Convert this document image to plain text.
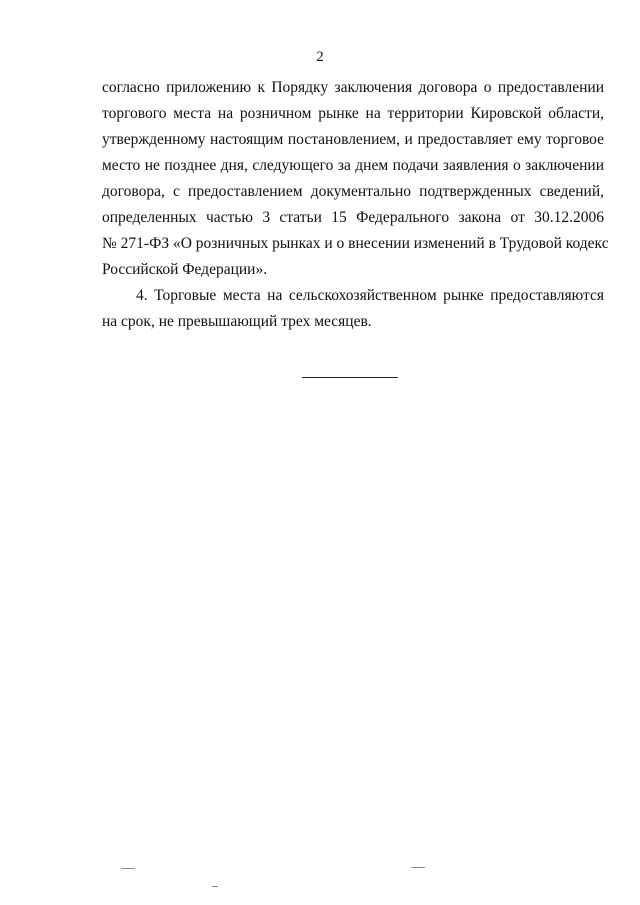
2
согласно приложению к Порядку заключения договора о предоставлении
торгового места на розничном рынке на территории Кировской области,
утвержденному настоящим постановлением, и предоставляет ему торговое
место не позднее дня, следующего за днем подачи заявления о заключении
договора, с предоставлением документально подтвержденных сведений,
определенных частью 3 статьи 15 Федерального закона от 30.12.2006
№ 271-ФЗ «О розничных рынках и о внесении изменений в Трудовой кодекс
Российской Федерации».
4. Торговые места на сельскохозяйственном рынке предоставляются
на срок, не превышающий трех месяцев.
